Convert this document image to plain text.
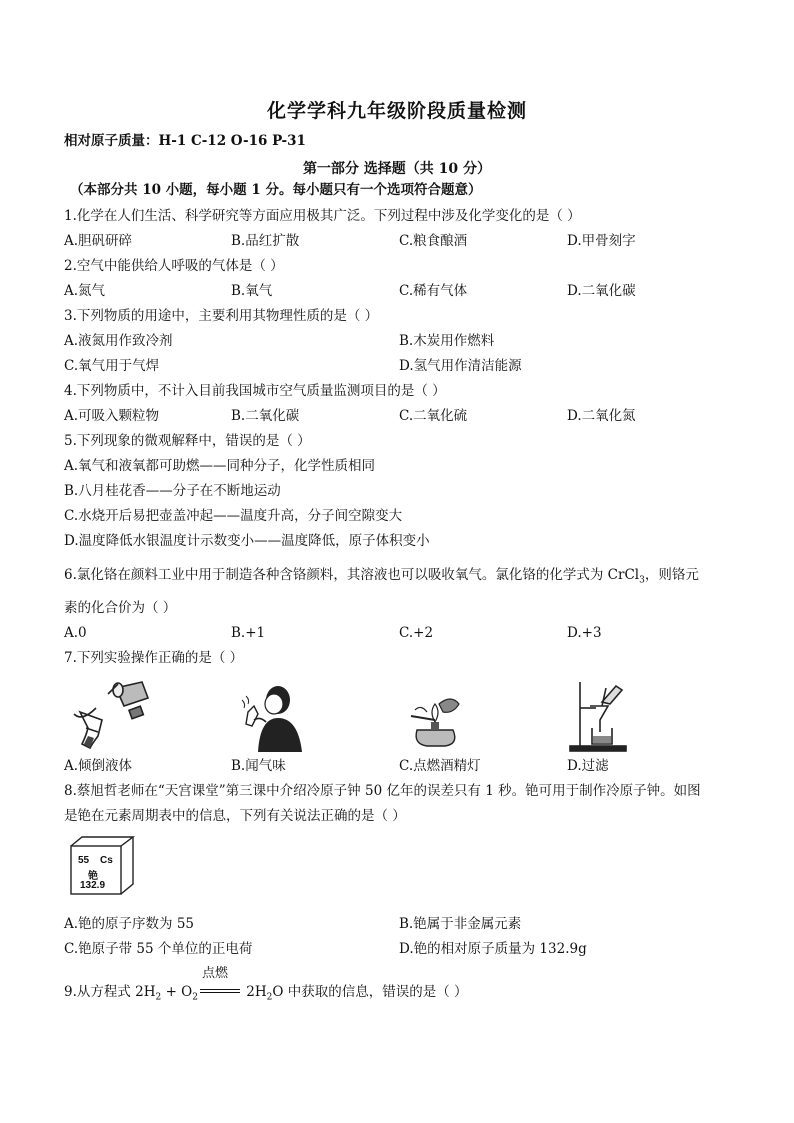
化学学科九年级阶段质量检测
相对原子质量：H-1 C-12 O-16 P-31
第一部分 选择题（共 10 分）
（本部分共 10 小题，每小题 1 分。每小题只有一个选项符合题意）
1.化学在人们生活、科学研究等方面应用极其广泛。下列过程中涉及化学变化的是（ ）
A.胆矾研碎	B.品红扩散	C.粮食酿酒	D.甲骨刻字
2.空气中能供给人呼吸的气体是（ ）
A.氮气	B.氧气	C.稀有气体	D.二氧化碳
3.下列物质的用途中，主要利用其物理性质的是（ ）
A.液氮用作致冷剂	B.木炭用作燃料
C.氧气用于气焊	D.氢气用作清洁能源
4.下列物质中，不计入目前我国城市空气质量监测项目的是（ ）
A.可吸入颗粒物	B.二氧化碳	C.二氧化硫	D.二氧化氮
5.下列现象的微观解释中，错误的是（ ）
A.氧气和液氧都可助燃——同种分子，化学性质相同
B.八月桂花香——分子在不断地运动
C.水烧开后易把壶盖冲起——温度升高，分子间空隙变大
D.温度降低水银温度计示数变小——温度降低，原子体积变小
6.氯化铬在颜料工业中用于制造各种含铬颜料，其溶液也可以吸收氧气。氯化铬的化学式为 CrCl$_3$，则铬元
素的化合价为（ ）
A.0	B.+1	C.+2	D.+3
7.下列实验操作正确的是（ ）
A.倾倒液体	B.闻气味	C.点燃酒精灯	D.过滤
8.蔡旭哲老师在“天宫课堂”第三课中介绍冷原子钟 50 亿年的误差只有 1 秒。铯可用于制作冷原子钟。如图
是铯在元素周期表中的信息，下列有关说法正确的是（ ）
55 Cs
铯
132.9
A.铯的原子序数为 55	B.铯属于非金属元素
C.铯原子带 55 个单位的正电荷	D.铯的相对原子质量为 132.9g
9.从方程式 $2H_2 + O_2$
点燃
$2H_2O$ 中获取的信息，错误的是（ ）
